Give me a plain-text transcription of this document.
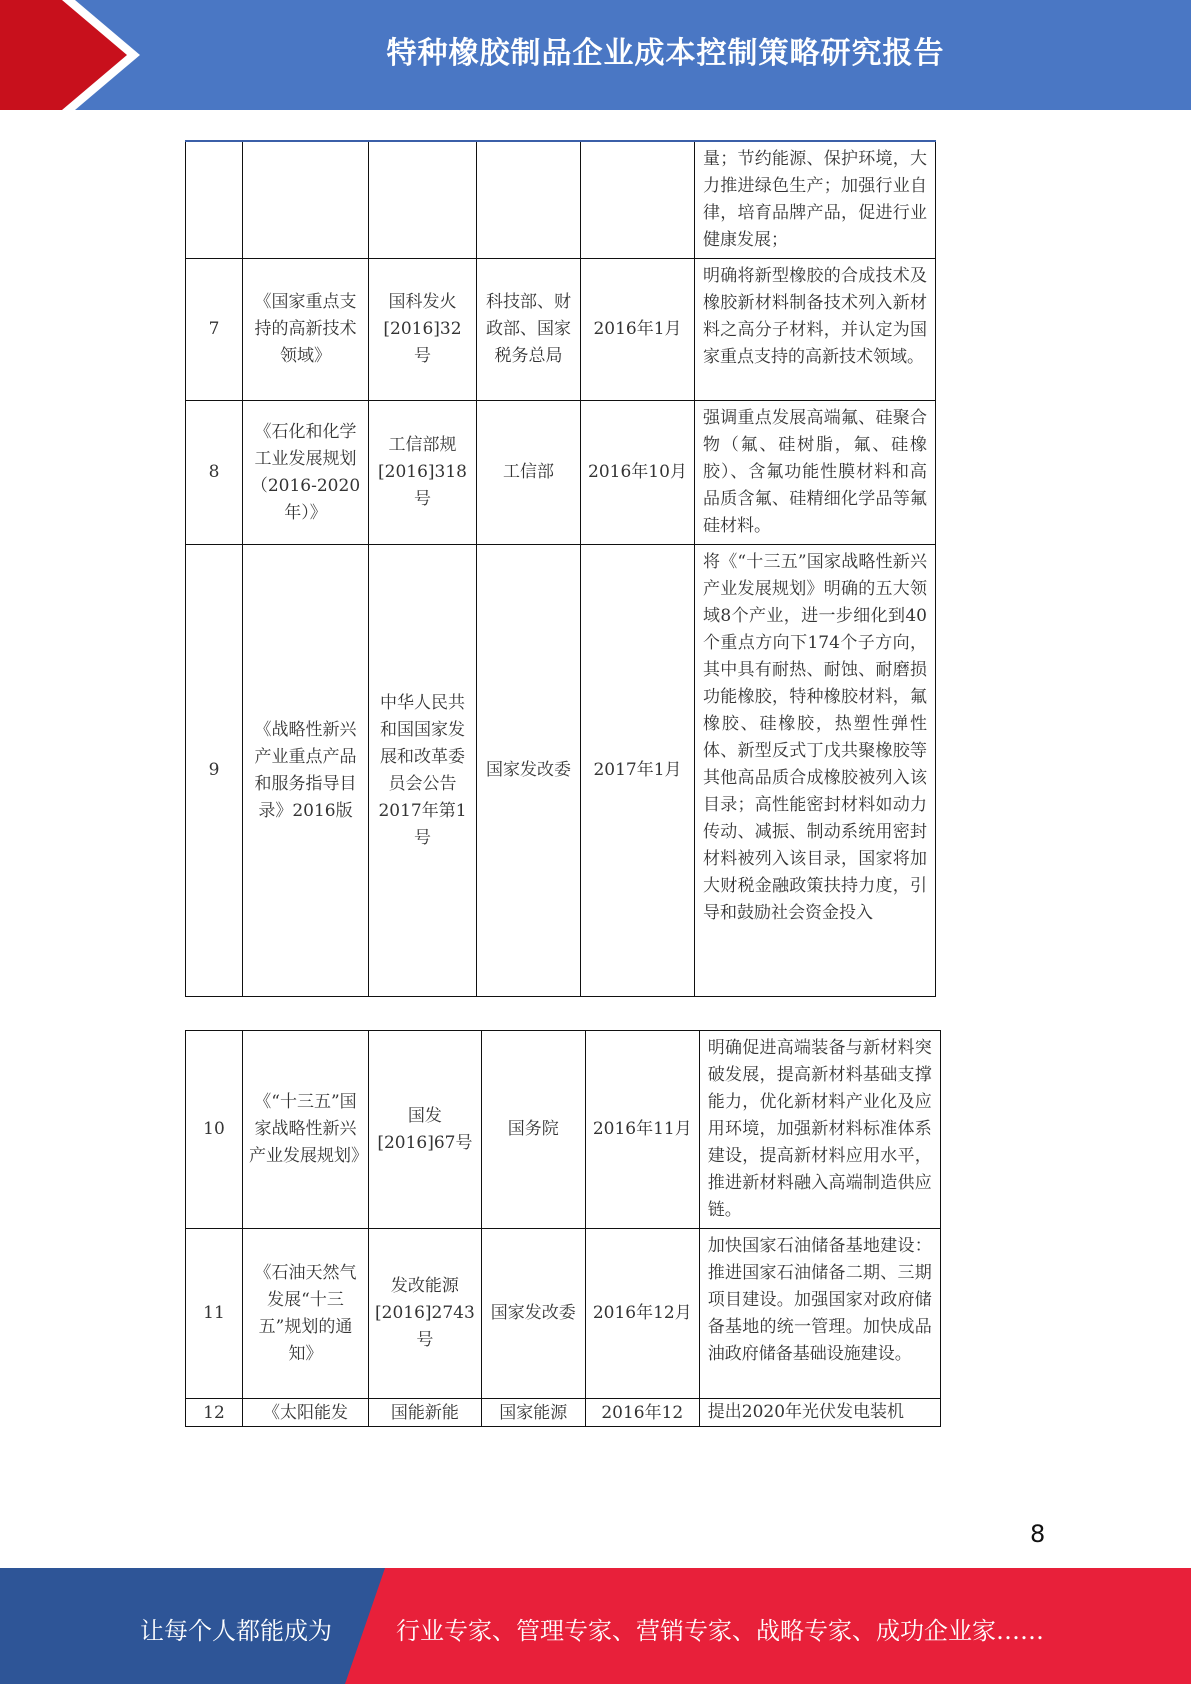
特种橡胶制品企业成本控制策略研究报告
					量；节约能源、保护环境，大力推进绿色生产；加强行业自律，培育品牌产品，促进行业健康发展；
7	《国家重点支持的高新技术领域》	国科发火[2016]32号	科技部、财政部、国家税务总局	2016年1月	明确将新型橡胶的合成技术及橡胶新材料制备技术列入新材料之高分子材料，并认定为国家重点支持的高新技术领域。
8	《石化和化学工业发展规划（2016-2020年）》	工信部规[2016]318号	工信部	2016年10月	强调重点发展高端氟、硅聚合物（氟、硅树脂，氟、硅橡胶）、含氟功能性膜材料和高品质含氟、硅精细化学品等氟硅材料。
9	《战略性新兴产业重点产品和服务指导目录》2016版	中华人民共和国国家发展和改革委员会公告2017年第1号	国家发改委	2017年1月	将《“十三五”国家战略性新兴产业发展规划》明确的五大领域8个产业，进一步细化到40个重点方向下174个子方向，其中具有耐热、耐蚀、耐磨损功能橡胶，特种橡胶材料，氟橡胶、硅橡胶，热塑性弹性体、新型反式丁戊共聚橡胶等其他高品质合成橡胶被列入该目录；高性能密封材料如动力传动、减振、制动系统用密封材料被列入该目录，国家将加大财税金融政策扶持力度，引导和鼓励社会资金投入
10	《“十三五”国家战略性新兴产业发展规划》	国发[2016]67号	国务院	2016年11月	明确促进高端装备与新材料突破发展，提高新材料基础支撑能力，优化新材料产业化及应用环境，加强新材料标准体系建设，提高新材料应用水平，推进新材料融入高端制造供应链。
11	《石油天然气发展“十三五”规划的通知》	发改能源[2016]2743号	国家发改委	2016年12月	加快国家石油储备基地建设：推进国家石油储备二期、三期项目建设。加强国家对政府储备基地的统一管理。加快成品油政府储备基础设施建设。
12	《太阳能发	国能新能	国家能源	2016年12	提出2020年光伏发电装机
8
让每个人都能成为	行业专家、管理专家、营销专家、战略专家、成功企业家……
